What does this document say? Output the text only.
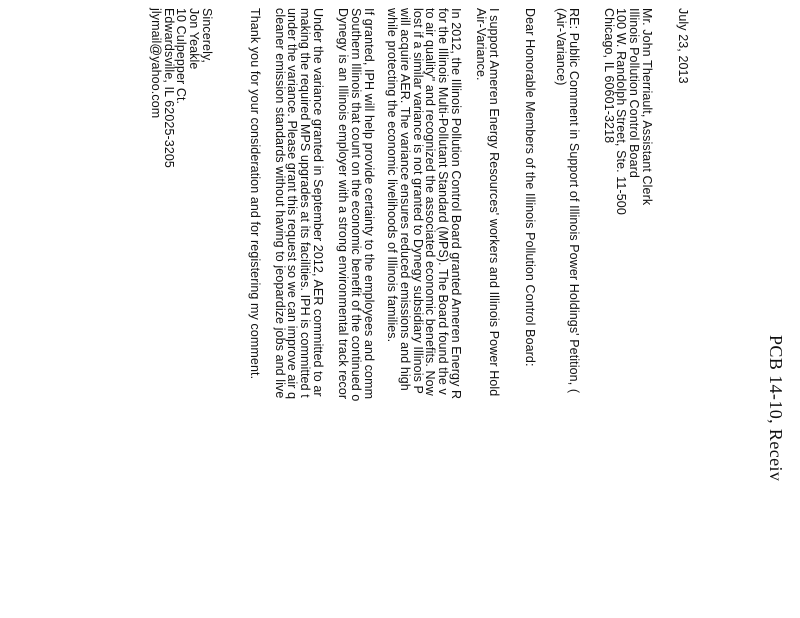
PCB 14-10, Receiv
July 23, 2013
Mr. John Therriault, Assistant Clerk
Illinois Pollution Control Board
100 W. Randolph Street, Ste. 11-500
Chicago, IL 60601-3218
RE: Public Comment in Support of Illinois Power Holdings' Petition, (
(Air-Variance)
Dear Honorable Members of the Illinois Pollution Control Board:
I support Ameren Energy Resources' workers and Illinois Power Hold
Air-Variance.
In 2012, the Illinois Pollution Control Board granted Ameren Energy R
for the Illinois Multi-Pollutant Standard (MPS). The Board found the v
to air quality" and recognized the associated economic benefits. Now
lost if a similar variance is not granted to Dynegy subsidiary Illinois P
will acquire AER. The variance ensures reduced emissions and high
while protecting the economic livelihoods of Illinois families.
If granted, IPH will help provide certainty to the employees and comm
Southern Illinois that count on the economic benefit of the continued o
Dynegy is an Illinois employer with a strong environmental track recor
Under the variance granted in September 2012, AER committed to ar
making the required MPS upgrades at its facilities. IPH is committed t
under the variance. Please grant this request so we can improve air q
cleaner emission standards without having to jeopardize jobs and live
Thank you for your consideration and for registering my comment.
Sincerely,
Jon Yeakle
10 Culpepper Ct.
Edwardsville, IL 62025-3205
jlymail@yahoo.com
